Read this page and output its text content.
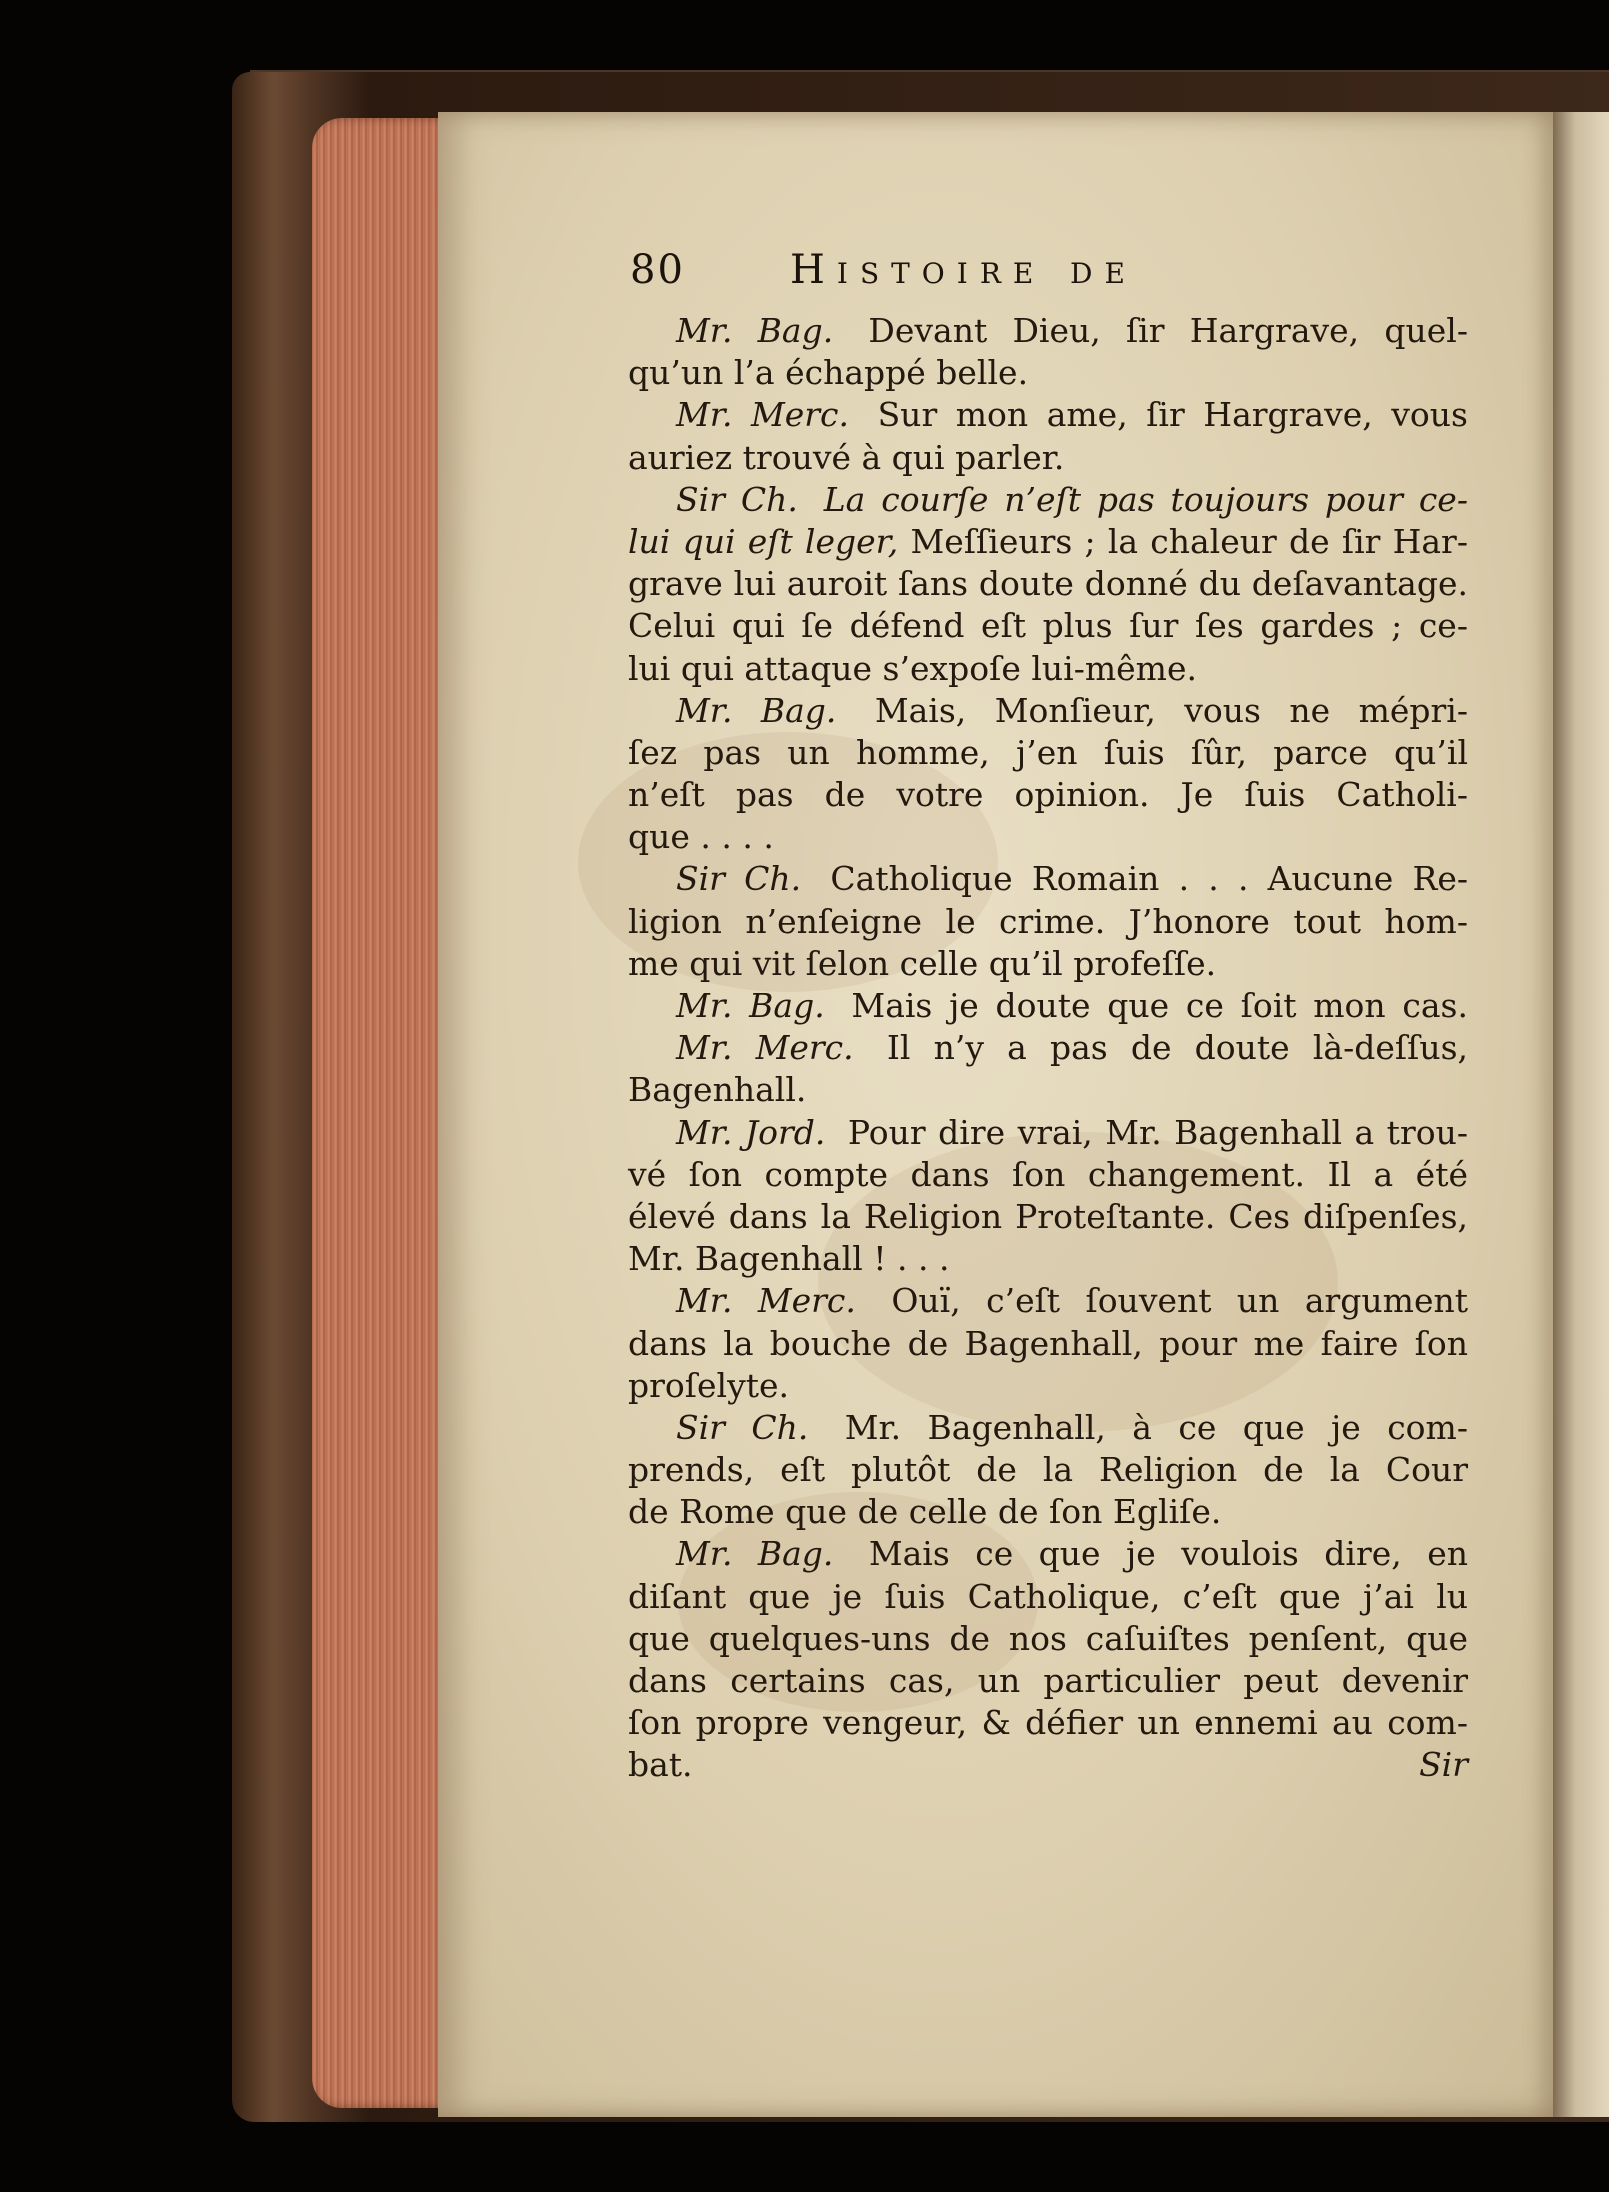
80	Histoire de
Mr. Bag. Devant Dieu, ſir Hargrave, quel-
qu’un l’a échappé belle.
Mr. Merc. Sur mon ame, ſir Hargrave, vous
auriez trouvé à qui parler.
Sir Ch. La courſe n’eſt pas toujours pour ce-
lui qui eſt leger, Meſſieurs ; la chaleur de ſir Har-
grave lui auroit ſans doute donné du deſavantage.
Celui qui ſe défend eſt plus ſur ſes gardes ; ce-
lui qui attaque s’expoſe lui-même.
Mr. Bag. Mais, Monſieur, vous ne mépri-
ſez pas un homme, j’en ſuis ſûr, parce qu’il
n’eſt pas de votre opinion. Je ſuis Catholi-
que . . . .
Sir Ch. Catholique Romain . . . Aucune Re-
ligion n’enſeigne le crime. J’honore tout hom-
me qui vit ſelon celle qu’il profeſſe.
Mr. Bag. Mais je doute que ce ſoit mon cas.
Mr. Merc. Il n’y a pas de doute là-deſſus,
Bagenhall.
Mr. Jord. Pour dire vrai, Mr. Bagenhall a trou-
vé ſon compte dans ſon changement. Il a été
élevé dans la Religion Proteſtante. Ces diſpenſes,
Mr. Bagenhall ! . . .
Mr. Merc. Ouï, c’eſt ſouvent un argument
dans la bouche de Bagenhall, pour me faire ſon
proſelyte.
Sir Ch. Mr. Bagenhall, à ce que je com-
prends, eſt plutôt de la Religion de la Cour
de Rome que de celle de ſon Egliſe.
Mr. Bag. Mais ce que je voulois dire, en
diſant que je ſuis Catholique, c’eſt que j’ai lu
que quelques-uns de nos caſuiſtes penſent, que
dans certains cas, un particulier peut devenir
ſon propre vengeur, & défier un ennemi au com-
bat.	Sir
